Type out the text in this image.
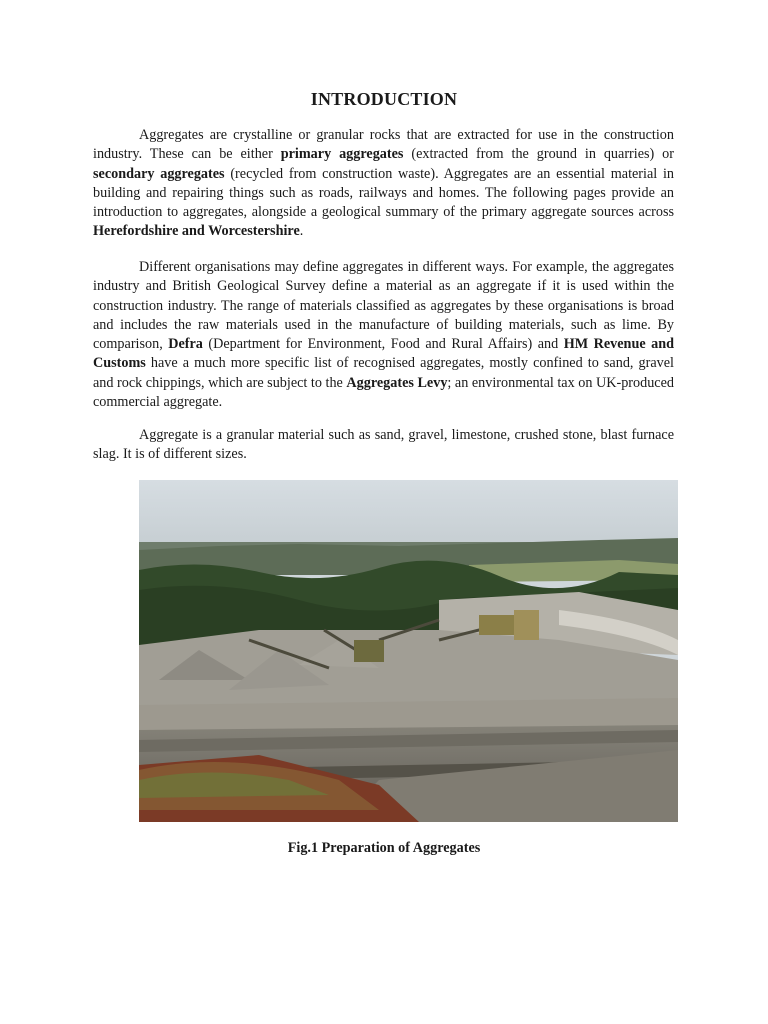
INTRODUCTION

Aggregates are crystalline or granular rocks that are extracted for use in the construction industry. These can be either primary aggregates (extracted from the ground in quarries) or secondary aggregates (recycled from construction waste). Aggregates are an essential material in building and repairing things such as roads, railways and homes. The following pages provide an introduction to aggregates, alongside a geological summary of the primary aggregate sources across Herefordshire and Worcestershire.

Different organisations may define aggregates in different ways. For example, the aggregates industry and British Geological Survey define a material as an aggregate if it is used within the construction industry. The range of materials classified as aggregates by these organisations is broad and includes the raw materials used in the manufacture of building materials, such as lime. By comparison, Defra (Department for Environment, Food and Rural Affairs) and HM Revenue and Customs have a much more specific list of recognised aggregates, mostly confined to sand, gravel and rock chippings, which are subject to the Aggregates Levy; an environmental tax on UK-produced commercial aggregate.

Aggregate is a granular material such as sand, gravel, limestone, crushed stone, blast furnace slag. It is of different sizes.

Fig.1 Preparation of Aggregates
